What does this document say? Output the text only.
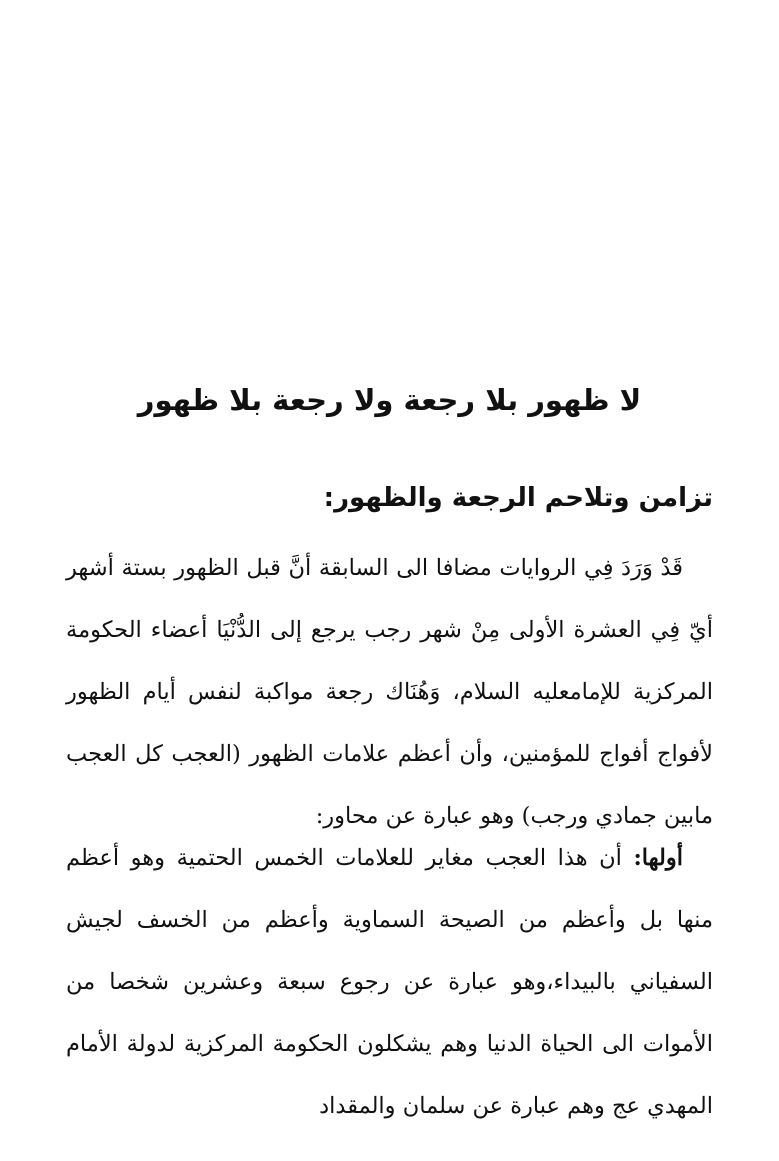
لا ظهور بلا رجعة ولا رجعة بلا ظهور
تزامن وتلاحم الرجعة والظهور:
قَدْ وَرَدَ فِي الروايات مضافا الى السابقة أنَّ قبل الظهور بستة أشهر أيّ فِي العشرة الأولى مِنْ شهر رجب يرجع إلى الدُّنْيَا أعضاء الحكومة المركزية للإمامعليه السلام، وَهُنَاك رجعة مواكبة لنفس أيام الظهور لأفواج أفواج للمؤمنين، وأن أعظم علامات الظهور (العجب كل العجب مابين جمادي ورجب) وهو عبارة عن محاور:
أولها: أن هذا العجب مغاير للعلامات الخمس الحتمية وهو أعظم منها بل وأعظم من الصيحة السماوية وأعظم من الخسف لجيش السفياني بالبيداء،وهو عبارة عن رجوع سبعة وعشرين شخصا من الأموات الى الحياة الدنيا وهم يشكلون الحكومة المركزية لدولة الأمام المهدي عج وهم عبارة عن سلمان والمقداد
